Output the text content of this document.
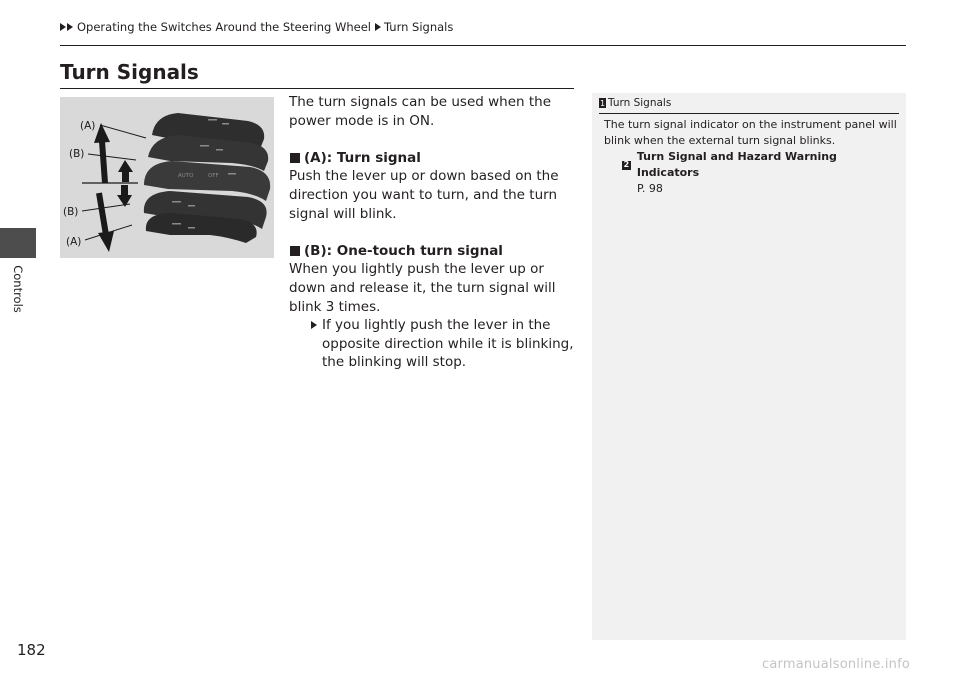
Operating the Switches Around the Steering Wheel Turn Signals
Controls
Turn Signals
AUTO	OFF
(A)
(B)
(B)
(A)

The turn signals can be used when the power mode is in ON.

(A): Turn signal

Push the lever up or down based on the direction you want to turn, and the turn signal will blink.

(B): One-touch turn signal

When you lightly push the lever up or down and release it, the turn signal will blink 3 times.

If you lightly push the lever in the opposite direction while it is blinking, the blinking will stop.
1 Turn Signals

The turn signal indicator on the instrument panel will blink when the external turn signal blinks.

2
Turn Signal and Hazard Warning Indicators

P. 98

182
carmanualsonline.info
